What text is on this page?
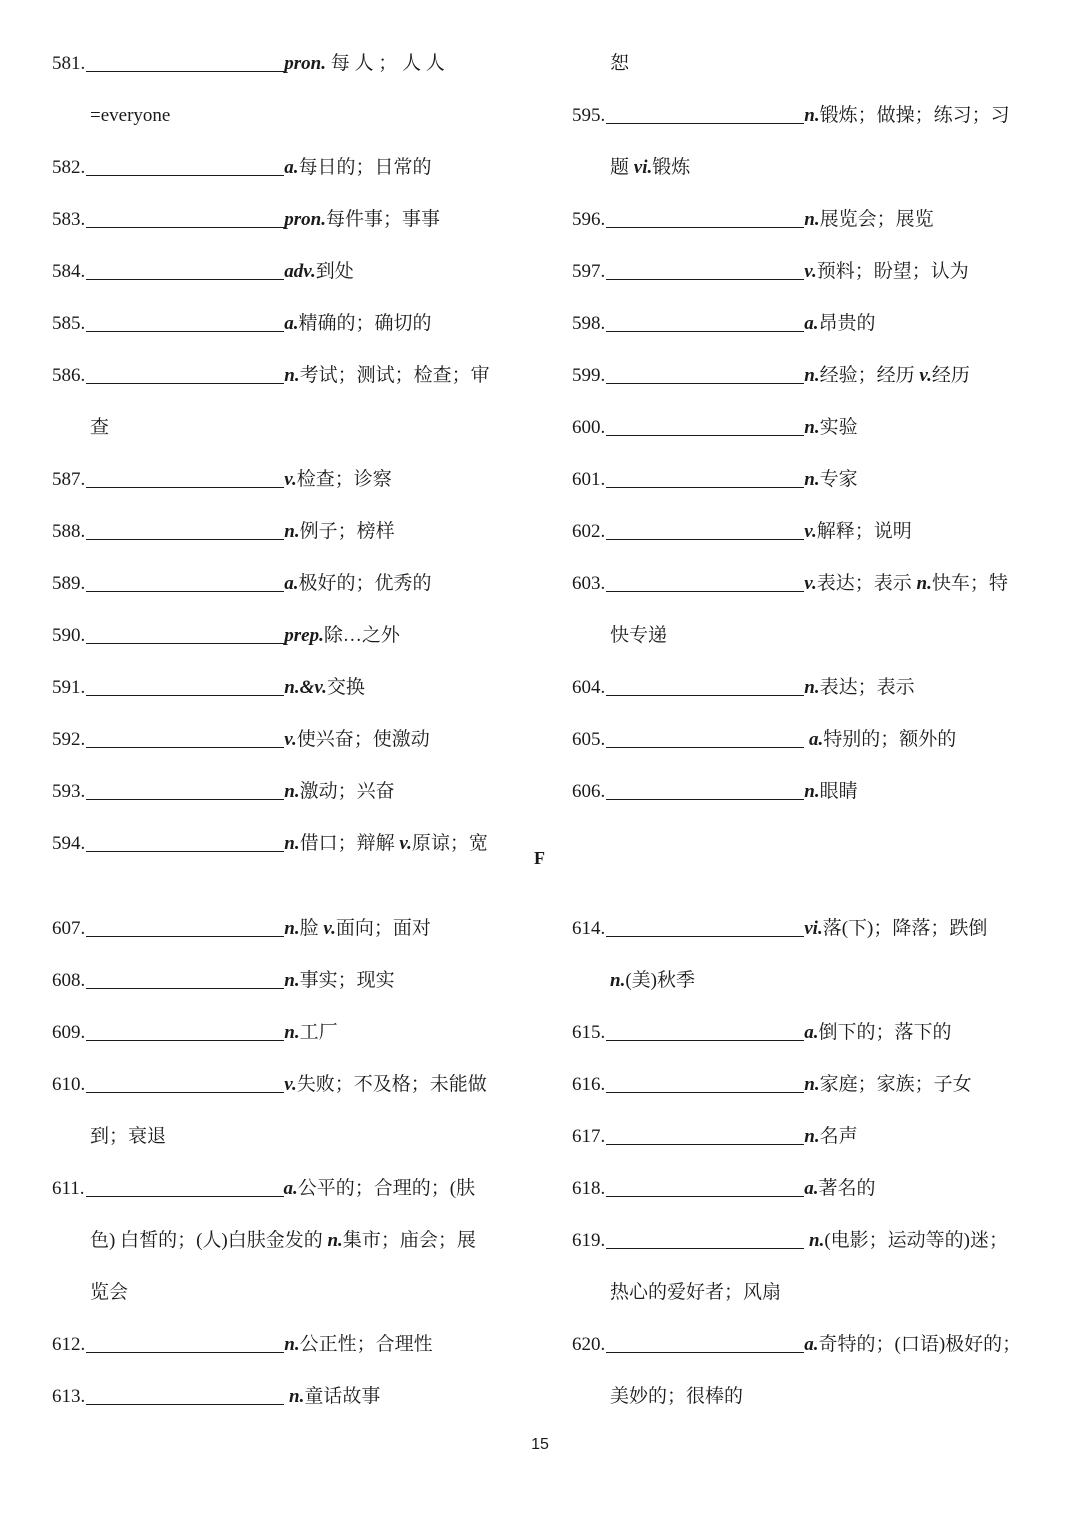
581.	pron. 每 人 ； 人 人
=everyone
582.	a.每日的；日常的
583.	pron.每件事；事事
584.	adv.到处
585.	a.精确的；确切的
586.	n.考试；测试；检查；审
查
587.	v.检查；诊察
588.	n.例子；榜样
589.	a.极好的；优秀的
590.	prep.除…之外
591.	n.&v.交换
592.	v.使兴奋；使激动
593.	n.激动；兴奋
594.	n.借口；辩解 v.原谅；宽
恕
595.	n.锻炼；做操；练习；习
题 vi.锻炼
596.	n.展览会；展览
597.	v.预料；盼望；认为
598.	a.昂贵的
599.	n.经验；经历 v.经历
600.	n.实验
601.	n.专家
602.	v.解释；说明
603.	v.表达；表示 n.快车；特
快专递
604.	n.表达；表示
605.	a.特别的；额外的
606.	n.眼睛
F
607.	n.脸 v.面向；面对
608.	n.事实；现实
609.	n.工厂
610.	v.失败；不及格；未能做
到；衰退
611.	a.公平的；合理的；(肤
色) 白皙的；(人)白肤金发的 n.集市；庙会；展
览会
612.	n.公正性；合理性
613.	n.童话故事
614.	vi.落(下)；降落；跌倒
n.(美)秋季
615.	a.倒下的；落下的
616.	n.家庭；家族；子女
617.	n.名声
618.	a.著名的
619.	n.(电影；运动等的)迷；
热心的爱好者；风扇
620.	a.奇特的；(口语)极好的；
美妙的；很棒的
15
